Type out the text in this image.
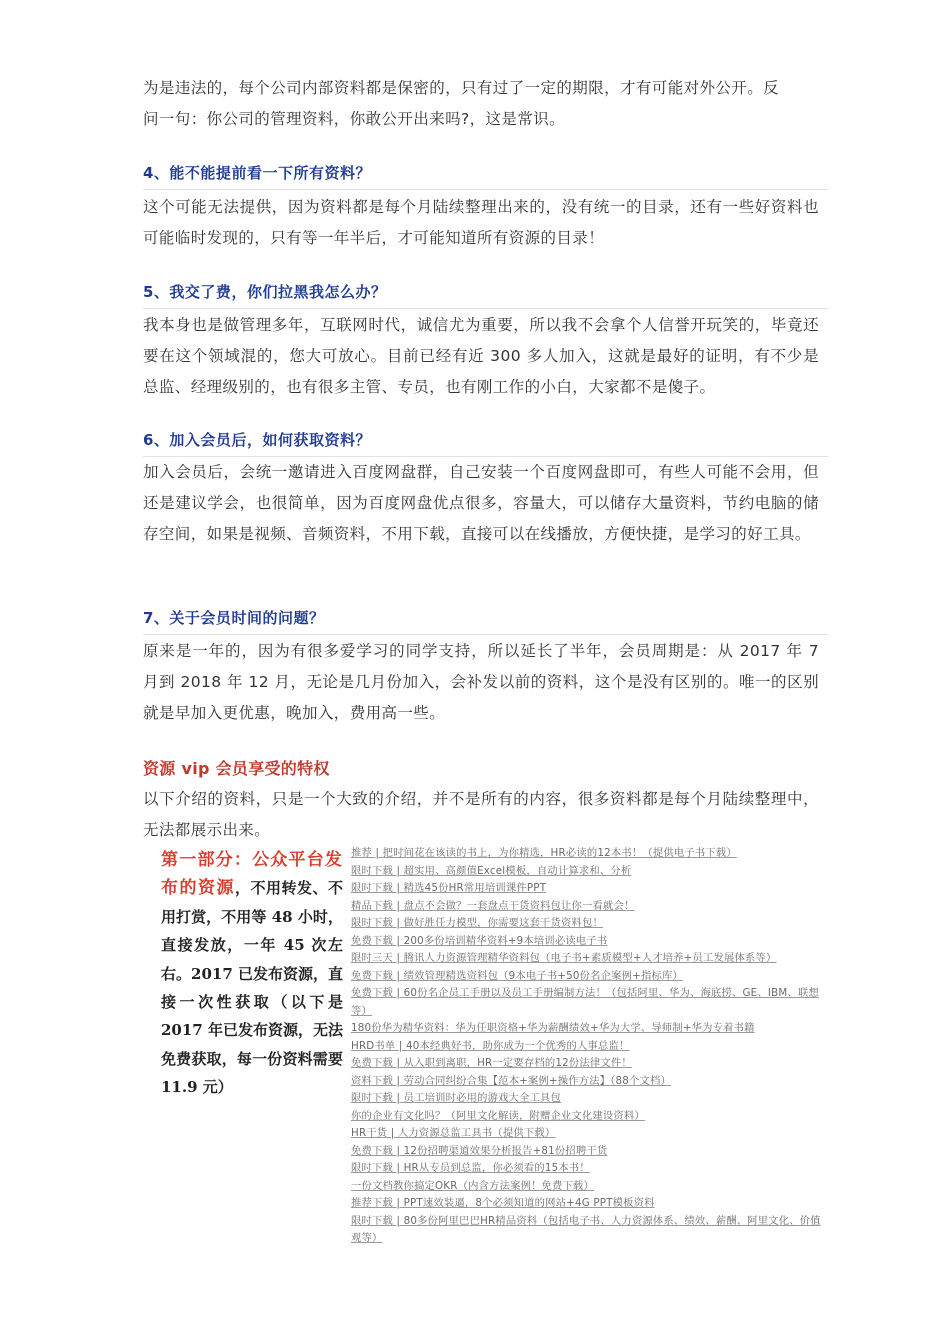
为是违法的，每个公司内部资料都是保密的，只有过了一定的期限，才有可能对外公开。反
问一句：你公司的管理资料，你敢公开出来吗?，这是常识。

4、能不能提前看一下所有资料？

这个可能无法提供，因为资料都是每个月陆续整理出来的，没有统一的目录，还有一些好资料也可能临时发现的，只有等一年半后，才可能知道所有资源的目录！

5、我交了费，你们拉黑我怎么办？

我本身也是做管理多年，互联网时代，诚信尤为重要，所以我不会拿个人信誉开玩笑的，毕竟还要在这个领域混的，您大可放心。目前已经有近 300 多人加入，这就是最好的证明，有不少是总监、经理级别的，也有很多主管、专员，也有刚工作的小白，大家都不是傻子。

6、加入会员后，如何获取资料？

加入会员后，会统一邀请进入百度网盘群，自己安装一个百度网盘即可，有些人可能不会用，但还是建议学会，也很简单，因为百度网盘优点很多，容量大，可以储存大量资料，节约电脑的储存空间，如果是视频、音频资料，不用下载，直接可以在线播放，方便快捷，是学习的好工具。

7、关于会员时间的问题？

原来是一年的，因为有很多爱学习的同学支持，所以延长了半年，会员周期是：从 2017 年 7 月到 2018 年 12 月，无论是几月份加入，会补发以前的资料，这个是没有区别的。唯一的区别就是早加入更优惠，晚加入，费用高一些。

资源 vip 会员享受的特权

以下介绍的资料，只是一个大致的介绍，并不是所有的内容，很多资料都是每个月陆续整理中，无法都展示出来。

第一部分：公众平台发布的资源，不用转发、不用打赏，不用等 48 小时，直接发放，一年 45 次左右。2017 已发布资源，直接一次性获取（以下是 2017 年已发布资源，无法免费获取，每一份资料需要 11.9 元）
推荐 | 把时间花在该读的书上，为你精选，HR必读的12本书！（提供电子书下载）
限时下载 | 超实用、高颜值Excel模板，自动计算求和、分析
限时下载 | 精选45份HR常用培训课件PPT
精品下载 | 盘点不会做？一套盘点干货资料包让你一看就会！
限时下载 | 做好胜任力模型，你需要这套干货资料包！
免费下载 | 200多份培训精华资料+9本培训必读电子书
限时三天 | 腾讯人力资源管理精华资料包（电子书+素质模型+人才培养+员工发展体系等）
免费下载 | 绩效管理精选资料包（9本电子书+50份名企案例+指标库）
免费下载 | 60份名企员工手册以及员工手册编制方法！（包括阿里、华为、海底捞、GE、IBM、联想等）
180份华为精华资料：华为任职资格+华为薪酬绩效+华为大学、导师制+华为专着书籍
HRD书单 | 40本经典好书，助你成为一个优秀的人事总监！
免费下载 | 从入职到离职，HR一定要存档的12份法律文件！
资料下载 | 劳动合同纠纷合集【范本+案例+操作方法】（88个文档）
限时下载 | 员工培训时必用的游戏大全工具包
你的企业有文化吗？（阿里文化解读，附赠企业文化建设资料）
HR干货 | 人力资源总监工具书（提供下载）
免费下载 | 12份招聘渠道效果分析报告+81份招聘干货
限时下载 | HR从专员到总监，你必须看的15本书！
一份文档教你搞定OKR（内含方法案例！免费下载）
推荐下载 | PPT速效装逼，8个必须知道的网站+4G PPT模板资料
限时下载 | 80多份阿里巴巴HR精品资料（包括电子书、人力资源体系、绩效、薪酬、阿里文化、价值观等）
